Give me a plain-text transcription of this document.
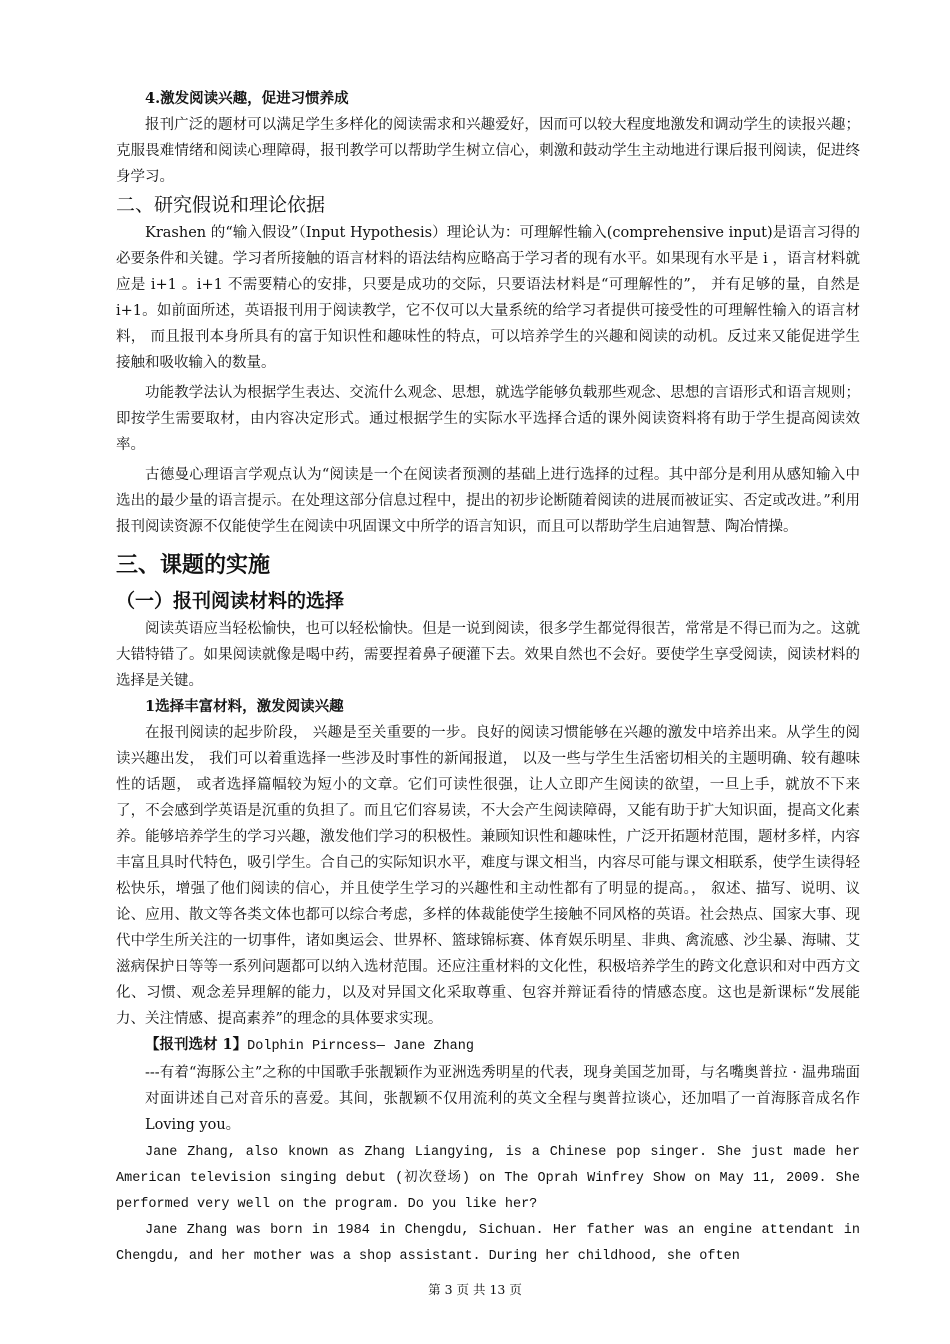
4.激发阅读兴趣，促进习惯养成

报刊广泛的题材可以满足学生多样化的阅读需求和兴趣爱好，因而可以较大程度地激发和调动学生的读报兴趣；克服畏难情绪和阅读心理障碍，报刊教学可以帮助学生树立信心，刺激和鼓动学生主动地进行课后报刊阅读，促进终身学习。

二、研究假说和理论依据

Krashen 的“输入假设”（Input Hypothesis）理论认为：可理解性输入(comprehensive input)是语言习得的必要条件和关键。学习者所接触的语言材料的语法结构应略高于学习者的现有水平。如果现有水平是 i ，语言材料就应是 i+1 。i+1 不需要精心的安排，只要是成功的交际，只要语法材料是“可理解性的”， 并有足够的量，自然是 i+1。如前面所述，英语报刊用于阅读教学，它不仅可以大量系统的给学习者提供可接受性的可理解性输入的语言材料， 而且报刊本身所具有的富于知识性和趣味性的特点，可以培养学生的兴趣和阅读的动机。反过来又能促进学生接触和吸收输入的数量。

功能教学法认为根据学生表达、交流什么观念、思想，就选学能够负载那些观念、思想的言语形式和语言规则；即按学生需要取材，由内容决定形式。通过根据学生的实际水平选择合适的课外阅读资料将有助于学生提高阅读效率。

古德曼心理语言学观点认为“阅读是一个在阅读者预测的基础上进行选择的过程。其中部分是利用从感知输入中选出的最少量的语言提示。在处理这部分信息过程中，提出的初步论断随着阅读的进展而被证实、否定或改进。”利用报刊阅读资源不仅能使学生在阅读中巩固课文中所学的语言知识，而且可以帮助学生启迪智慧、陶冶情操。

三、课题的实施
（一）报刊阅读材料的选择

阅读英语应当轻松愉快，也可以轻松愉快。但是一说到阅读，很多学生都觉得很苦，常常是不得已而为之。这就大错特错了。如果阅读就像是喝中药，需要捏着鼻子硬灌下去。效果自然也不会好。要使学生享受阅读，阅读材料的选择是关键。

1选择丰富材料，激发阅读兴趣

在报刊阅读的起步阶段， 兴趣是至关重要的一步。良好的阅读习惯能够在兴趣的激发中培养出来。从学生的阅读兴趣出发， 我们可以着重选择一些涉及时事性的新闻报道， 以及一些与学生生活密切相关的主题明确、较有趣味性的话题， 或者选择篇幅较为短小的文章。它们可读性很强，让人立即产生阅读的欲望，一旦上手，就放不下来了，不会感到学英语是沉重的负担了。而且它们容易读，不大会产生阅读障碍，又能有助于扩大知识面，提高文化素养。能够培养学生的学习兴趣，激发他们学习的积极性。兼顾知识性和趣味性，广泛开拓题材范围，题材多样，内容丰富且具时代特色，吸引学生。合自己的实际知识水平，难度与课文相当，内容尽可能与课文相联系，使学生读得轻松快乐，增强了他们阅读的信心，并且使学生学习的兴趣性和主动性都有了明显的提高。， 叙述、描写、说明、议论、应用、散文等各类文体也都可以综合考虑，多样的体裁能使学生接触不同风格的英语。社会热点、国家大事、现代中学生所关注的一切事件，诸如奥运会、世界杯、篮球锦标赛、体育娱乐明星、非典、禽流感、沙尘暴、海啸、艾滋病保护日等等一系列问题都可以纳入选材范围。还应注重材料的文化性，积极培养学生的跨文化意识和对中西方文化、习惯、观念差异理解的能力，以及对异国文化采取尊重、包容并辩证看待的情感态度。这也是新课标“发展能力、关注情感、提高素养”的理念的具体要求实现。

【报刊选材 1】Dolphin Pirncess— Jane Zhang

---有着“海豚公主”之称的中国歌手张靓颖作为亚洲选秀明星的代表，现身美国芝加哥，与名嘴奥普拉 · 温弗瑞面对面讲述自己对音乐的喜爱。其间，张靓颖不仅用流利的英文全程与奥普拉谈心，还加唱了一首海豚音成名作 Loving you。

Jane Zhang, also known as Zhang Liangying, is a Chinese pop singer. She just made her American television singing debut (初次登场) on The Oprah Winfrey Show on May 11, 2009. She performed very well on the program. Do you like her?

Jane Zhang was born in 1984 in Chengdu, Sichuan. Her father was an engine attendant in Chengdu, and her mother was a shop assistant. During her childhood, she often

第 3 页 共 13 页
